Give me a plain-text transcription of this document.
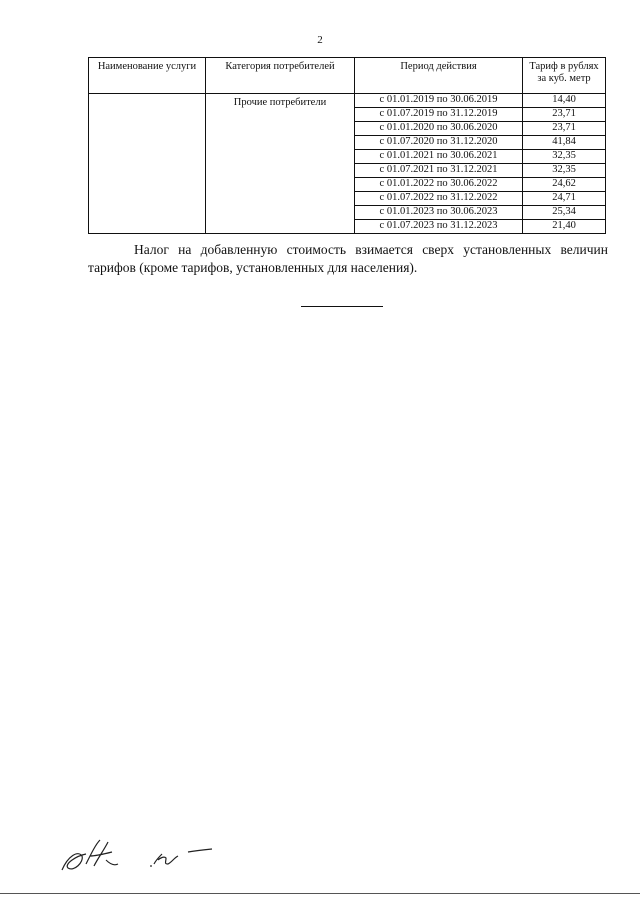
2
Наименование услуги	Категория потребителей	Период действия	Тариф в рублях за куб. метр
	Прочие потребители	с 01.01.2019 по 30.06.2019	14,40
		с 01.07.2019 по 31.12.2019	23,71
		с 01.01.2020 по 30.06.2020	23,71
		с 01.07.2020 по 31.12.2020	41,84
		с 01.01.2021 по 30.06.2021	32,35
		с 01.07.2021 по 31.12.2021	32,35
		с 01.01.2022 по 30.06.2022	24,62
		с 01.07.2022 по 31.12.2022	24,71
		с 01.01.2023 по 30.06.2023	25,34
		с 01.07.2023 по 31.12.2023	21,40

Налог на добавленную стоимость взимается сверх установленных величин тарифов (кроме тарифов, установленных для населения).
